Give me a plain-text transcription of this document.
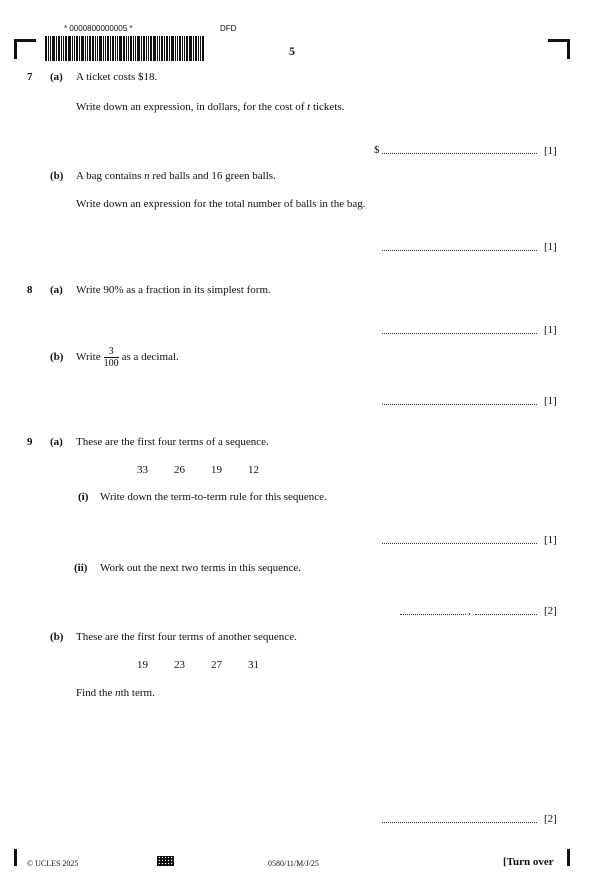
* 0000800000005 *	DFD
5
7 (a) A ticket costs $18.
Write down an expression, in dollars, for the cost of t tickets.
$	[1]
(b) A bag contains n red balls and 16 green balls.
Write down an expression for the total number of balls in the bag.
[1]
8 (a) Write 90% as a fraction in its simplest form.
[1]
(b) Write $\frac{3}{100}$ as a decimal.
[1]
9 (a) These are the first four terms of a sequence.
33 26 19 12
(i) Write down the term-to-term rule for this sequence.
[1]
(ii) Work out the next two terms in this sequence.
,	[2]
(b) These are the first four terms of another sequence.
19 23 27 31
Find the nth term.
[2]
© UCLES 2025	0580/11/M/J/25	[Turn over
